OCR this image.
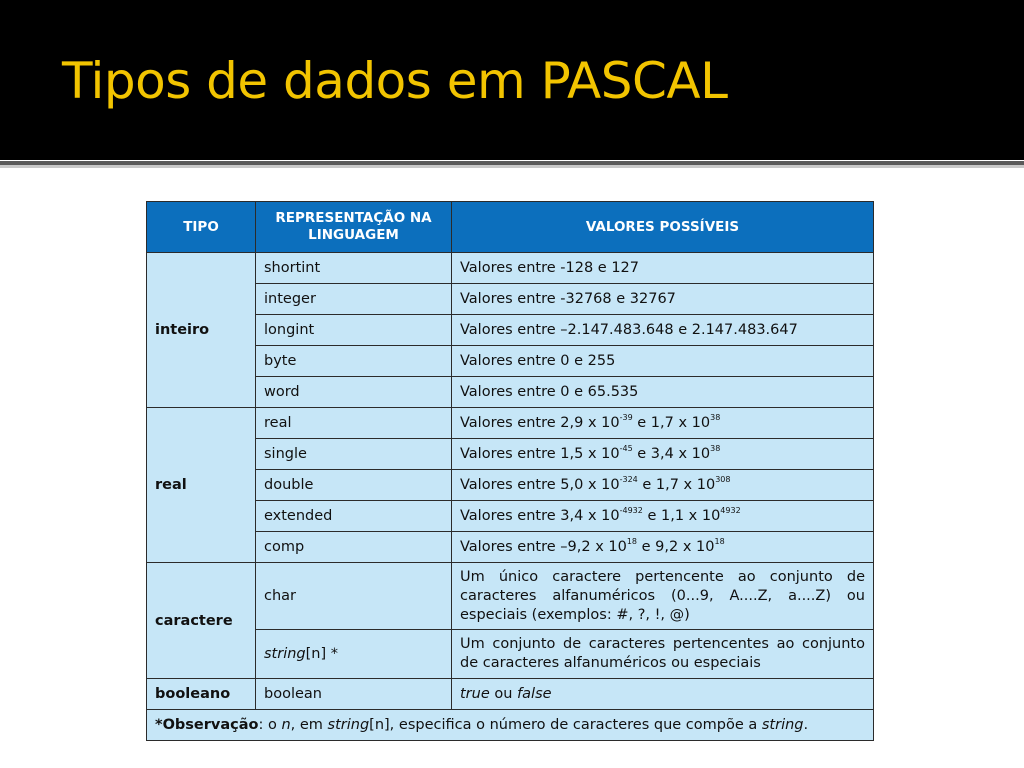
Tipos de dados em PASCAL
TIPO	REPRESENTAÇÃO NA LINGUAGEM	VALORES POSSÍVEIS
inteiro	shortint	Valores entre -128 e 127
	integer	Valores entre -32768 e 32767
	longint	Valores entre –2.147.483.648 e 2.147.483.647
	byte	Valores entre 0 e 255
	word	Valores entre 0 e 65.535
real	real	Valores entre 2,9 x $10^{-39}$ e 1,7 x $10^{38}$
	single	Valores entre 1,5 x $10^{-45}$ e 3,4 x $10^{38}$
	double	Valores entre 5,0 x $10^{-324}$ e 1,7 x $10^{308}$
	extended	Valores entre 3,4 x $10^{-4932}$ e 1,1 x $10^{4932}$
	comp	Valores entre –9,2 x $10^{18}$ e 9,2 x $10^{18}$
caractere	char	Um único caractere pertencente ao conjunto de caracteres alfanuméricos (0...9, A....Z, a....Z) ou especiais (exemplos: #, ?, !, @)
	string[n] *	Um conjunto de caracteres pertencentes ao conjunto de caracteres alfanuméricos ou especiais
booleano	boolean	true ou false
*Observação: o n, em string[n], especifica o número de caracteres que compõe a string.		
